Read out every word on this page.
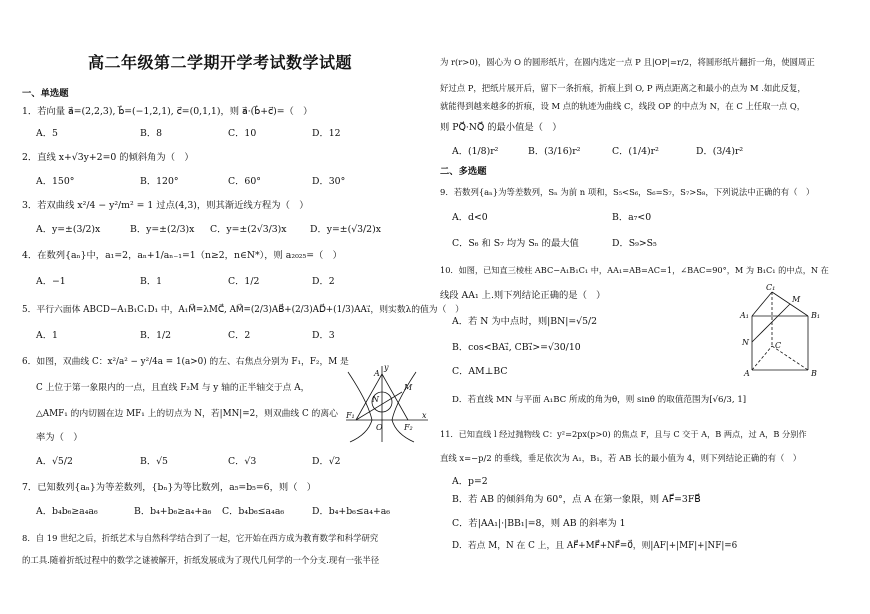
高二年级第二学期开学考试数学试题
一、单选题
1．若向量 a⃗=(2,2,3), b⃗=(−1,2,1), c⃗=(0,1,1)，则 a⃗·(b⃗+c⃗)=（　）
A．5	B．8	C．10	D．12
2．直线 x+√3y+2=0 的倾斜角为（　）
A．150°	B．120°	C．60°	D．30°
3．若双曲线 x²/4 − y²/m² = 1 过点(4,3)，则其渐近线方程为（　）
A．y=±(3/2)x	B．y=±(2/3)x C．y=±(2√3/3)x	D．y=±(√3/2)x
4．在数列{aₙ}中，a₁=2，aₙ+1/aₙ₋₁=1（n≥2，n∈N*），则 a₂₀₂₅=（　）
A．−1	B．1	C．1/2	D．2
5．平行六面体 ABCD−A₁B₁C₁D₁ 中，A₁M⃗=λMC⃗, AM⃗=(2/3)AB⃗+(2/3)AD⃗+(1/3)AA₁⃗，则实数λ的值为（　）
A．1	B．1/2	C．2	D．3
6．如图，双曲线 C：x²/a² − y²/4a = 1(a>0) 的左、右焦点分别为 F₁，F₂，M 是
C 上位于第一象限内的一点，且直线 F₂M 与 y 轴的正半轴交于点 A，
△AMF₁ 的内切圆在边 MF₁ 上的切点为 N，若|MN|=2，则双曲线 C 的离心
率为（　）
A．√5/2	B．√5	C．√3	D．√2
y
A
M
N
F₁
O	F₂
x
7．已知数列{aₙ}为等差数列，{bₙ}为等比数列，a₅=b₅=6，则（　）
A．b₄b₆≥a₄a₆	B．b₄+b₆≥a₄+a₆ C．b₄b₆≤a₄a₆	D．b₄+b₆≤a₄+a₆
8．自 19 世纪之后，折纸艺术与自然科学结合到了一起，它开始在西方成为教育数学和科学研究
的工具.随着折纸过程中的数学之谜被解开，折纸发展成为了现代几何学的一个分支.现有一张半径
为 r(r>0)，圆心为 O 的圆形纸片，在圆内选定一点 P 且|OP|=r/2，将圆形纸片翻折一角，使圆周正
好过点 P，把纸片展开后，留下一条折痕，折痕上到 O, P 两点距离之和最小的点为 M .如此反复，
就能得到越来越多的折痕，设 M 点的轨迹为曲线 C，线段 OP 的中点为 N，在 C 上任取一点 Q，
则 PQ⃗·NQ⃗ 的最小值是（　）
A．(1/8)r²	B．(3/16)r²	C．(1/4)r²	D．(3/4)r²
二、多选题
9．若数列{aₙ}为等差数列，Sₙ 为前 n 项和，S₅<S₆，S₆=S₇，S₇>S₈，下列说法中正确的有（　）
A．d<0	B．a₇<0
C．S₆ 和 S₇ 均为 Sₙ 的最大值	D．S₉>S₅
10．如图，已知直三棱柱 ABC−A₁B₁C₁ 中，AA₁=AB=AC=1，∠BAC=90°，M 为 B₁C₁ 的中点，N 在
线段 AA₁ 上.则下列结论正确的是（　）
A．若 N 为中点时，则|BN|=√5/2
B．cos<BA₁⃗, CB₁⃗>=√30/10
C．AM⊥BC
D．若直线 MN 与平面 A₁BC 所成的角为θ，则 sinθ 的取值范围为[√6/3, 1]
C₁
M
A₁	B₁
N	C
A	B
11．已知直线 l 经过抛物线 C：y²=2px(p>0) 的焦点 F，且与 C 交于 A，B 两点，过 A，B 分别作
直线 x=−p/2 的垂线，垂足依次为 A₁，B₁，若 AB 长的最小值为 4，则下列结论正确的有（　）
A．p=2
B．若 AB 的倾斜角为 60°，点 A 在第一象限，则 AF⃗=3FB⃗
C．若|AA₁|·|BB₁|=8，则 AB 的斜率为 1
D．若点 M，N 在 C 上，且 AF⃗+MF⃗+NF⃗=0⃗，则|AF|+|MF|+|NF|=6
